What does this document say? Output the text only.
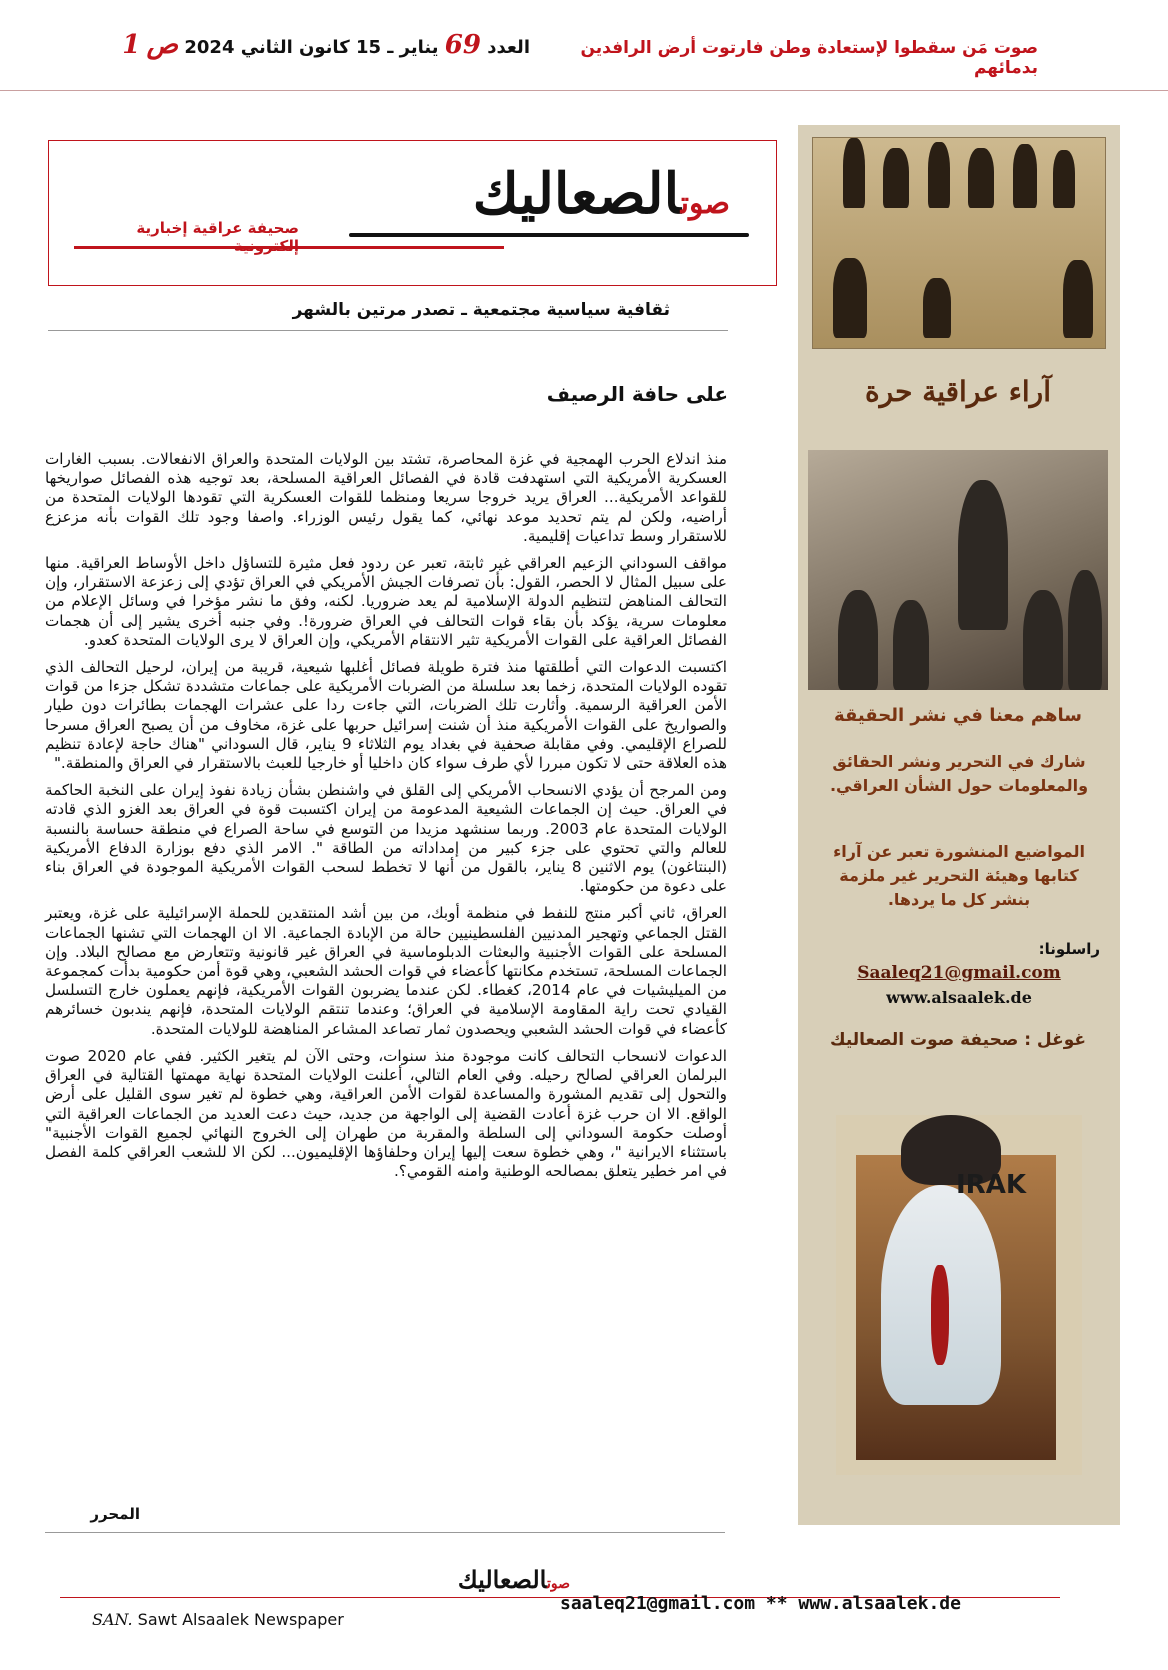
صوت مَن سقطوا لإستعادة وطن فارتوت أرض الرافدين بدمائهم
العدد 69 يناير ـ 15 كانون الثاني 2024 ص 1
صوتالصعاليك
صحيفة عراقية إخبارية
ثقافية سياسية مجتمعية ـ تصدر مرتين بالشهر
على حافة الرصيف

منذ اندلاع الحرب الهمجية في غزة المحاصرة، تشتد بين الولايات المتحدة والعراق الانفعالات. بسبب الغارات العسكرية الأمريكية التي استهدفت قادة في الفصائل العراقية المسلحة، بعد توجيه هذه الفصائل صواريخها للقواعد الأمريكية... العراق يريد خروجا سريعا ومنظما للقوات العسكرية التي تقودها الولايات المتحدة من أراضيه، ولكن لم يتم تحديد موعد نهائي، كما يقول رئيس الوزراء. واصفا وجود تلك القوات بأنه مزعزع للاستقرار وسط تداعيات إقليمية.

مواقف السوداني الزعيم العراقي غير ثابتة، تعبر عن ردود فعل مثيرة للتساؤل داخل الأوساط العراقية. منها على سبيل المثال لا الحصر، القول: بأن تصرفات الجيش الأمريكي في العراق تؤدي إلى زعزعة الاستقرار، وإن التحالف المناهض لتنظيم الدولة الإسلامية لم يعد ضروريا. لكنه، وفق ما نشر مؤخرا في وسائل الإعلام من معلومات سرية، يؤكد بأن بقاء قوات التحالف في العراق ضرورة!. وفي جنبه أخرى يشير إلى أن هجمات الفصائل العراقية على القوات الأمريكية تثير الانتقام الأمريكي، وإن العراق لا يرى الولايات المتحدة كعدو.

اكتسبت الدعوات التي أطلقتها منذ فترة طويلة فصائل أغلبها شيعية، قريبة من إيران، لرحيل التحالف الذي تقوده الولايات المتحدة، زخما بعد سلسلة من الضربات الأمريكية على جماعات متشددة تشكل جزءا من قوات الأمن العراقية الرسمية. وأثارت تلك الضربات، التي جاءت ردا على عشرات الهجمات بطائرات دون طيار والصواريخ على القوات الأمريكية منذ أن شنت إسرائيل حربها على غزة، مخاوف من أن يصبح العراق مسرحا للصراع الإقليمي. وفي مقابلة صحفية في بغداد يوم الثلاثاء 9 يناير، قال السوداني "هناك حاجة لإعادة تنظيم هذه العلاقة حتى لا تكون مبررا لأي طرف سواء كان داخليا أو خارجيا للعبث بالاستقرار في العراق والمنطقة."

ومن المرجح أن يؤدي الانسحاب الأمريكي إلى القلق في واشنطن بشأن زيادة نفوذ إيران على النخبة الحاكمة في العراق. حيث إن الجماعات الشيعية المدعومة من إيران اكتسبت قوة في العراق بعد الغزو الذي قادته الولايات المتحدة عام 2003. وربما سنشهد مزيدا من التوسع في ساحة الصراع في منطقة حساسة بالنسبة للعالم والتي تحتوي على جزء كبير من إمداداته من الطاقة ". الامر الذي دفع بوزارة الدفاع الأمريكية (البنتاغون) يوم الاثنين 8 يناير، بالقول من أنها لا تخطط لسحب القوات الأمريكية الموجودة في العراق بناء على دعوة من حكومتها.

العراق، ثاني أكبر منتج للنفط في منظمة أوبك، من بين أشد المنتقدين للحملة الإسرائيلية على غزة، ويعتبر القتل الجماعي وتهجير المدنيين الفلسطينيين حالة من الإبادة الجماعية. الا ان الهجمات التي تشنها الجماعات المسلحة على القوات الأجنبية والبعثات الدبلوماسية في العراق غير قانونية وتتعارض مع مصالح البلاد. وإن الجماعات المسلحة، تستخدم مكانتها كأعضاء في قوات الحشد الشعبي، وهي قوة أمن حكومية بدأت كمجموعة من الميليشيات في عام 2014، كغطاء. لكن عندما يضربون القوات الأمريكية، فإنهم يعملون خارج التسلسل القيادي تحت راية المقاومة الإسلامية في العراق؛ وعندما تنتقم الولايات المتحدة، فإنهم يندبون خسائرهم كأعضاء في قوات الحشد الشعبي ويحصدون ثمار تصاعد المشاعر المناهضة للولايات المتحدة.

الدعوات لانسحاب التحالف كانت موجودة منذ سنوات، وحتى الآن لم يتغير الكثير. ففي عام 2020 صوت البرلمان العراقي لصالح رحيله. وفي العام التالي، أعلنت الولايات المتحدة نهاية مهمتها القتالية في العراق والتحول إلى تقديم المشورة والمساعدة لقوات الأمن العراقية، وهي خطوة لم تغير سوى القليل على أرض الواقع. الا ان حرب غزة أعادت القضية إلى الواجهة من جديد، حيث دعت العديد من الجماعات العراقية التي أوصلت حكومة السوداني إلى السلطة والمقربة من طهران إلى الخروج النهائي لجميع القوات الأجنبية" باستثناء الايرانية "، وهي خطوة سعت إليها إيران وحلفاؤها الإقليميون... لكن الا للشعب العراقي كلمة الفصل في امر خطير يتعلق بمصالحه الوطنية وامنه القومي؟.

المحرر
آراء عراقية حرة
ساهم معنا في نشر الحقيقة
شارك في التحرير ونشر الحقائق والمعلومات حول الشأن العراقي.
المواضيع المنشورة تعبر عن آراء كتابها وهيئة التحرير غير ملزمة بنشر كل ما يردها.
راسلونا:
Saaleq21@gmail.com
www.alsaalek.de
غوغل : صحيفة صوت الصعاليك
IRAK
صوتالصعاليك
SAN. Sawt Alsaalek Newspaper
saaleq21@gmail.com ** www.alsaalek.de
